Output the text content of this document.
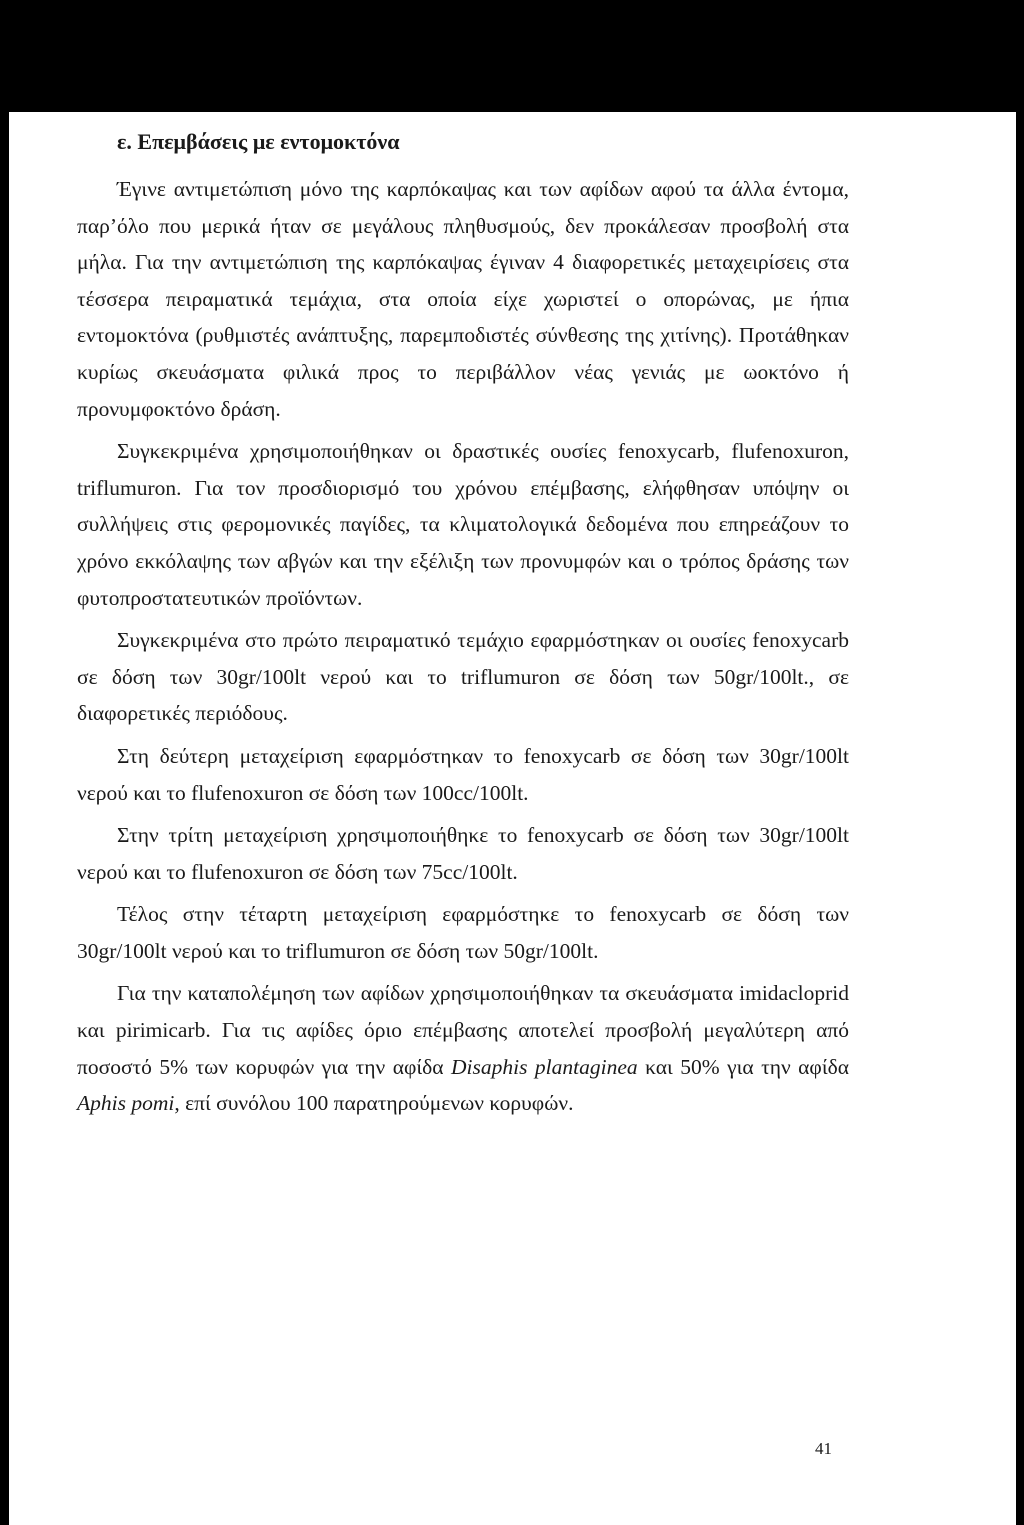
ε. Επεμβάσεις με εντομοκτόνα

Έγινε αντιμετώπιση μόνο της καρπόκαψας και των αφίδων αφού τα άλλα έντομα, παρ’όλο που μερικά ήταν σε μεγάλους πληθυσμούς, δεν προκάλεσαν προσβολή στα μήλα. Για την αντιμετώπιση της καρπόκαψας έγιναν 4 διαφορετικές μεταχειρίσεις στα τέσσερα πειραματικά τεμάχια, στα οποία είχε χωριστεί ο οπορώνας, με ήπια εντομοκτόνα (ρυθμιστές ανάπτυξης, παρεμποδιστές σύνθεσης της χιτίνης). Προτάθηκαν κυρίως σκευάσματα φιλικά προς το περιβάλλον νέας γενιάς με ωοκτόνο ή προνυμφοκτόνο δράση.

Συγκεκριμένα χρησιμοποιήθηκαν οι δραστικές ουσίες fenoxycarb, flufenoxuron, triflumuron. Για τον προσδιορισμό του χρόνου επέμβασης, ελήφθησαν υπόψην οι συλλήψεις στις φερομονικές παγίδες, τα κλιματολογικά δεδομένα που επηρεάζουν το χρόνο εκκόλαψης των αβγών και την εξέλιξη των προνυμφών και ο τρόπος δράσης των φυτοπροστατευτικών προϊόντων.

Συγκεκριμένα στο πρώτο πειραματικό τεμάχιο εφαρμόστηκαν οι ουσίες fenoxycarb σε δόση των 30gr/100lt νερού και το triflumuron σε δόση των 50gr/100lt., σε διαφορετικές περιόδους.

Στη δεύτερη μεταχείριση εφαρμόστηκαν το fenoxycarb σε δόση των 30gr/100lt νερού και το flufenoxuron σε δόση των 100cc/100lt.

Στην τρίτη μεταχείριση χρησιμοποιήθηκε το fenoxycarb σε δόση των 30gr/100lt νερού και το flufenoxuron σε δόση των 75cc/100lt.

Τέλος στην τέταρτη μεταχείριση εφαρμόστηκε το fenoxycarb σε δόση των 30gr/100lt νερού και το triflumuron σε δόση των 50gr/100lt.

Για την καταπολέμηση των αφίδων χρησιμοποιήθηκαν τα σκευάσματα imidacloprid και pirimicarb. Για τις αφίδες όριο επέμβασης αποτελεί προσβολή μεγαλύτερη από ποσοστό 5% των κορυφών για την αφίδα Disaphis plantaginea και 50% για την αφίδα Aphis pomi, επί συνόλου 100 παρατηρούμενων κορυφών.

41
